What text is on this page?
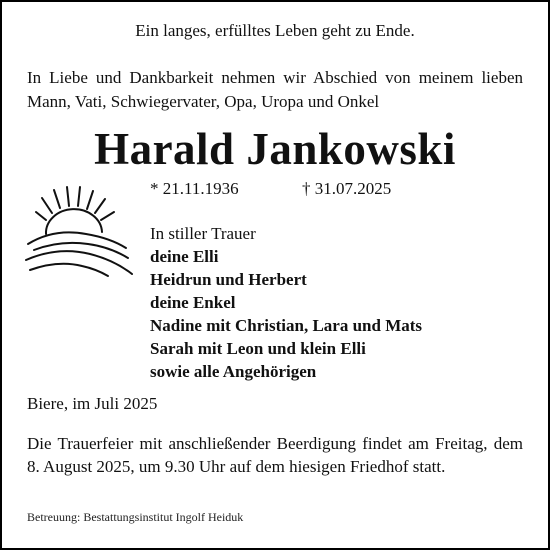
Ein langes, erfülltes Leben geht zu Ende.
In Liebe und Dankbarkeit nehmen wir Abschied von meinem lieben Mann, Vati, Schwiegervater, Opa, Uropa und Onkel
Harald Jankowski
* 21.11.1936	† 31.07.2025
In stiller Trauer
deine Elli
Heidrun und Herbert
deine Enkel
Nadine mit Christian, Lara und Mats
Sarah mit Leon und klein Elli
sowie alle Angehörigen
Biere, im Juli 2025
Die Trauerfeier mit anschließender Beerdigung findet am Freitag, dem 8. August 2025, um 9.30 Uhr auf dem hiesigen Friedhof statt.
Betreuung: Bestattungsinstitut Ingolf Heiduk
